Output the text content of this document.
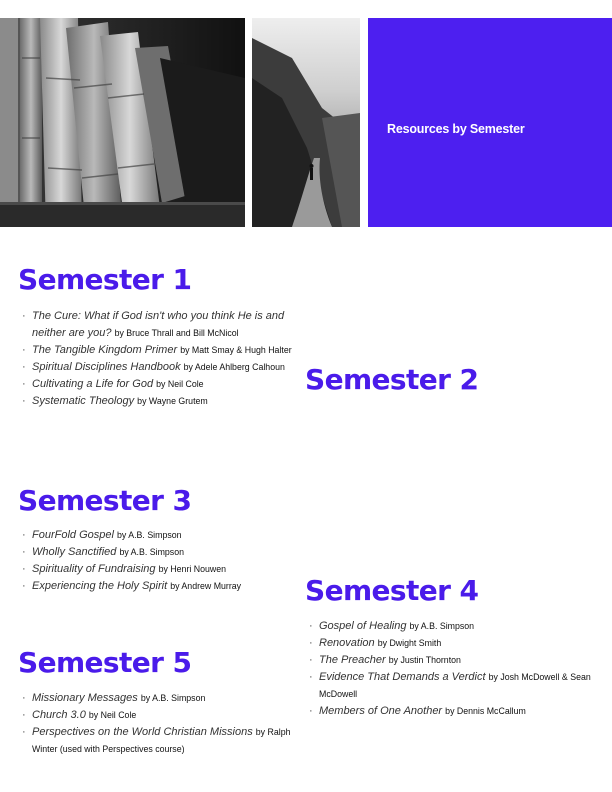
Resources by Semester
Semester 1
· The Cure: What if God isn't who you think He is and neither are you? by Bruce Thrall and Bill McNicol
· The Tangible Kingdom Primer by Matt Smay & Hugh Halter
· Spiritual Disciplines Handbook by Adele Ahlberg Calhoun
· Cultivating a Life for God by Neil Cole
· Systematic Theology by Wayne Grutem
Semester 2
Semester 3
· FourFold Gospel by A.B. Simpson
· Wholly Sanctified by A.B. Simpson
· Spirituality of Fundraising by Henri Nouwen
· Experiencing the Holy Spirit by Andrew Murray	Semester 4
· Gospel of Healing by A.B. Simpson
· Renovation by Dwight Smith
· The Preacher by Justin Thornton
· Evidence That Demands a Verdict by Josh McDowell & Sean McDowell
· Members of One Another by Dennis McCallum
Semester 5
· Missionary Messages by A.B. Simpson
· Church 3.0 by Neil Cole
· Perspectives on the World Christian Missions by Ralph Winter (used with Perspectives course)
